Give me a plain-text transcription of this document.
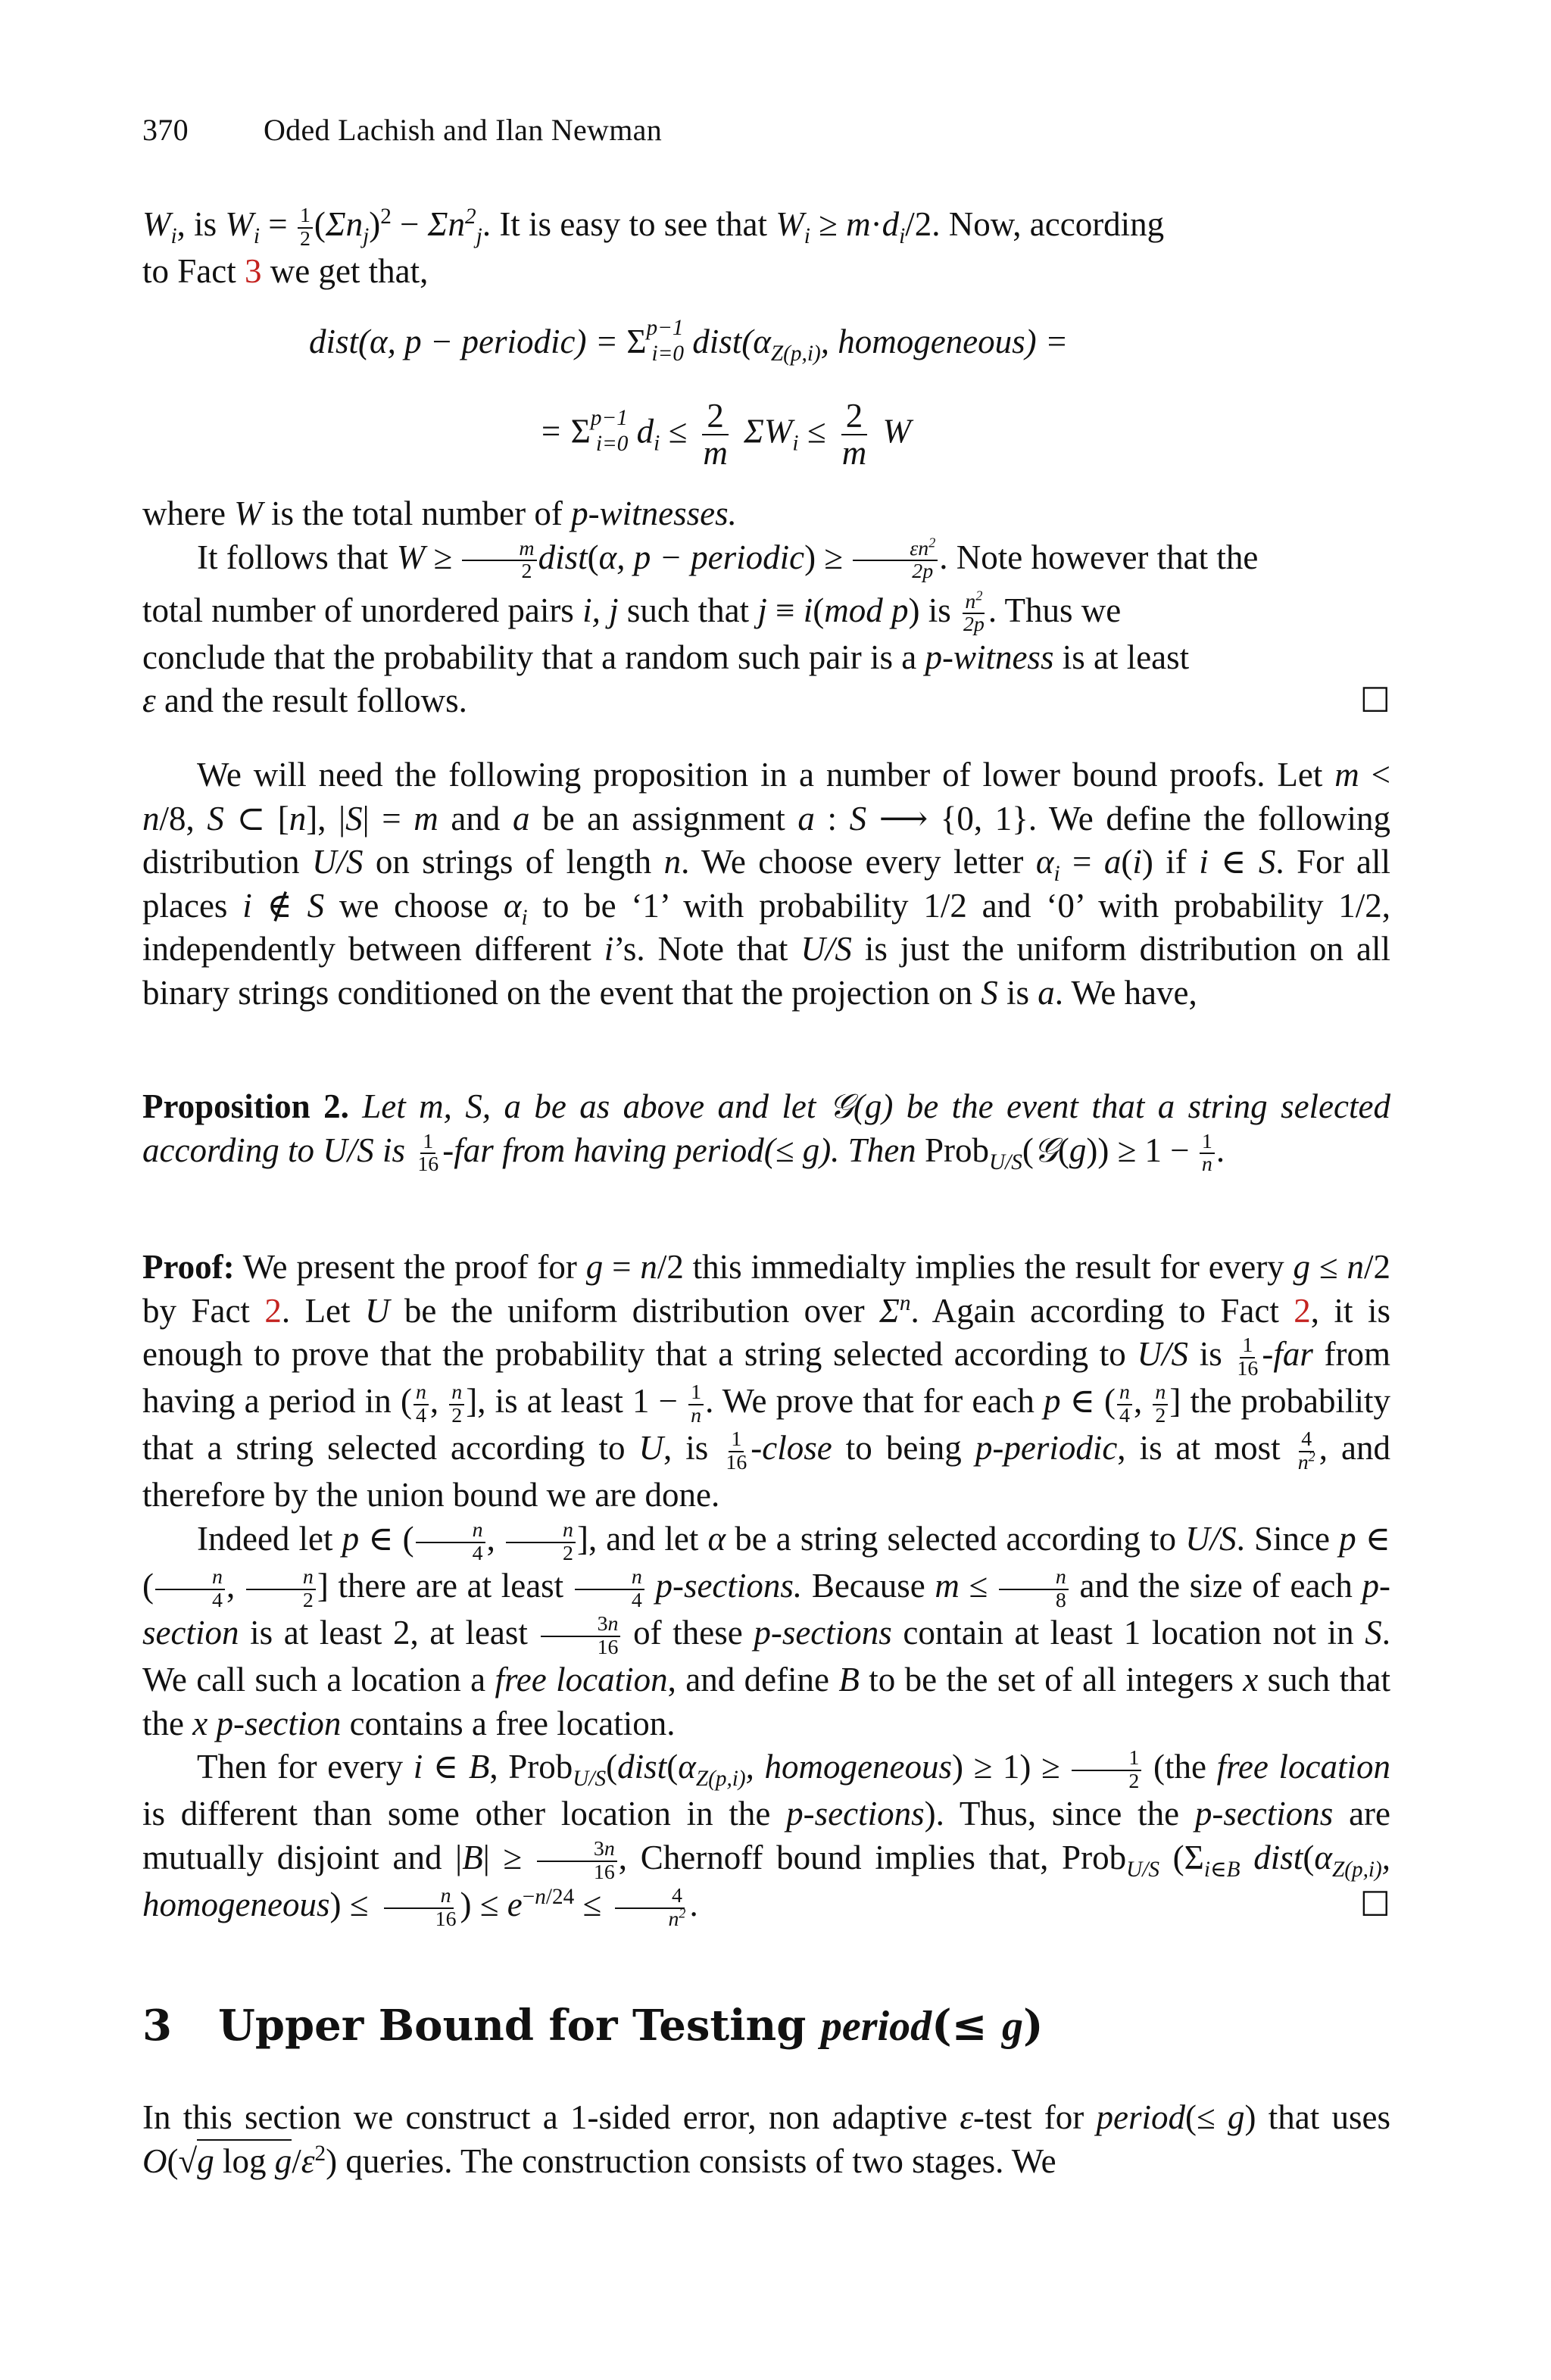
370 Oded Lachish and Ilan Newman
$W_i$, is $W_i = \frac{1}{2} (\Sigma n_j)^2 - \Sigma n^2_j$. It is easy to see that $W_i \ge m\cdot d_i/2$. Now, according
to Fact 3 we get that,
dist(α, p − periodic) = $\Sigma^{p-1}_{i=0}$ $dist(\alpha_{Z(p,i)}$, homogeneous) =
= $\Sigma^{p-1}_{i=0}$ $d_i \le \frac{2}{m} \Sigma W_i \le \frac{2}{m}$ W
where W is the total number of p-witnesses.
It follows that $W \ge \frac{m}{2}$ dist(α, p − periodic) ≥ $\frac{\varepsilon n^2}{2p}$ . Note however that the
total number of unordered pairs i, j such that j ≡ i(mod p) is $\frac{n^2}{2p}$ . Thus we
conclude that the probability that a random such pair is a p-witness is at least
ε and the result follows.	☐
We will need the following proposition in a number of lower bound proofs. Let m < n/8, S ⊂ [n], |S| = m and a be an assignment a : S ⟶ {0, 1}. We define the following distribution U/S on strings of length n. We choose every letter $\alpha_i = a(i)$ if i ∈ S. For all places i ∉ S we choose $\alpha_i$ to be ‘1’ with probability 1/2 and ‘0’ with probability 1/2, independently between different i’s. Note that U/S is just the uniform distribution on all binary strings conditioned on the event that the projection on S is a. We have,
Proposition 2. Let m, S, a be as above and let 𝒢(g) be the event that a string selected according to U/S is $\frac{1}{16} -far$ from having period(≤ g). Then Prob$_{U/S}$(𝒢(g)) ≥ $1 - \frac{1}{n}$ .
Proof: We present the proof for g = n/2 this immedialty implies the result for every g ≤ n/2 by Fact 2. Let U be the uniform distribution over $\Sigma^n$. Again according to Fact 2, it is enough to prove that the probability that a string selected according to U/S is $\frac{1}{16} -far$ from having a period in ( $\frac{n}{4}$ , $\frac{n}{2}$ ], is at least $1 - \frac{1}{n}$ . We prove that for each p ∈ ( $\frac{n}{4}$ , $\frac{n}{2}$ ] the probability that a string selected according to U, is $\frac{1}{16}$ -close to being p-periodic, is at most $\frac{4}{n^2}$ , and therefore by the union bound we are done.
Indeed let p ∈ ( $\frac{n}{4}$ , $\frac{n}{2}$ ], and let α be a string selected according to U/S. Since p ∈ ( $\frac{n}{4}$ , $\frac{n}{2}$ ] there are at least $\frac{n}{4}$ p-sections. Because $m \le \frac{n}{8}$ and the size of each p-section is at least 2, at least $\frac{3n}{16}$ of these p-sections contain at least 1 location not in S. We call such a location a free location, and define B to be the set of all integers x such that the x p-section contains a free location.
Then for every i ∈ B, $Prob_{U/S}(dist(\alpha_{Z(p,i)}$, homogeneous) ≥ $1) \ge \frac{1}{2} (the$ free location is different than some other location in the p-sections). Thus, since the p-sections are mutually disjoint and $|B| \ge \frac{3n}{16}$ , Chernoff bound implies that, Prob$_{U/S}$ ($\Sigma_{i\in B}$ $dist(\alpha_{Z(p,i)}$, homogeneous) ≤ $\frac{n}{16}$ ) ≤ $e^{-n/24} \le \frac{4}{n^2}$ .	☐
3 Upper Bound for Testing period(≤ g)
In this section we construct a 1-sided error, non adaptive ε-test for period(≤ g) that uses O(√g $\log g/\varepsilon^2$) queries. The construction consists of two stages. We
